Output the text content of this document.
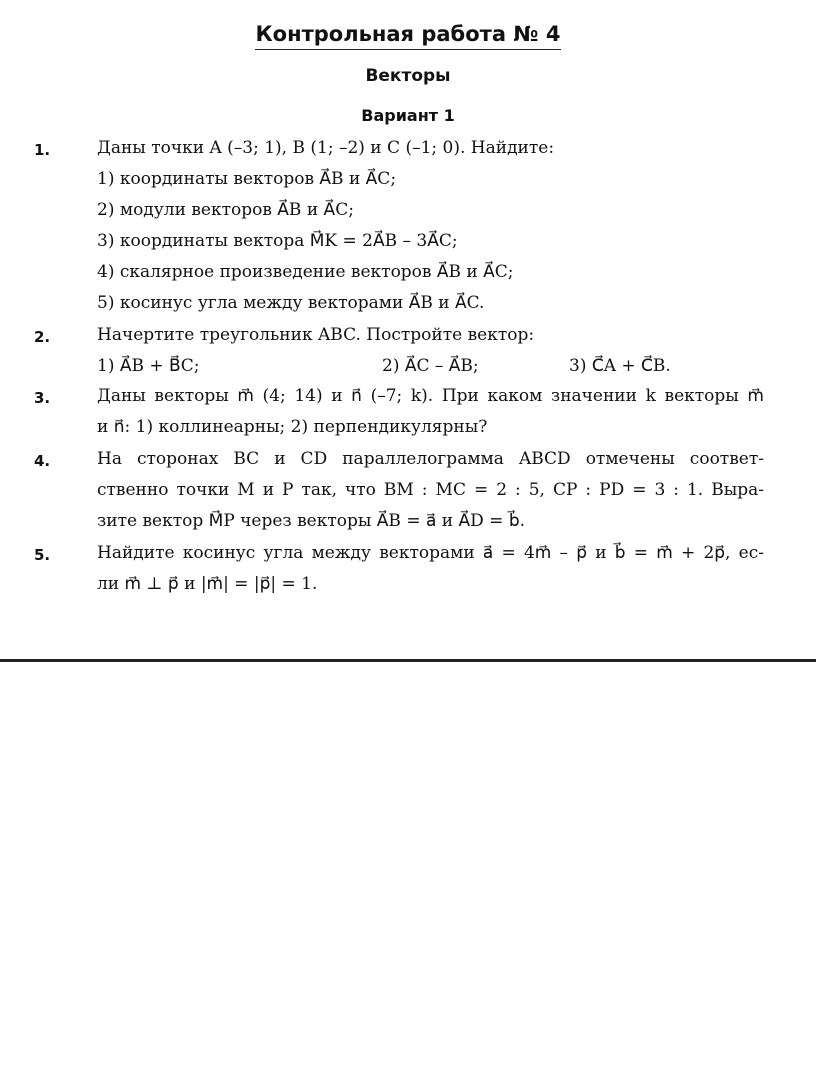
Контрольная работа № 4
Векторы
Вариант 1
1.	Даны точки A (–3; 1), B (1; –2) и C (–1; 0). Найдите:
1) координаты векторов A⃗B и A⃗C;
2) модули векторов A⃗B и A⃗C;
3) координаты вектора M⃗K = 2A⃗B – 3A⃗C;
4) скалярное произведение векторов A⃗B и A⃗C;
5) косинус угла между векторами A⃗B и A⃗C.
2.	Начертите треугольник ABC. Постройте вектор:
1) A⃗B + B⃗C;	2) A⃗C – A⃗B;	3) C⃗A + C⃗B.
3.	Даны векторы m⃗ (4; 14) и n⃗ (–7; k). При каком значении k векторы m⃗
и n⃗: 1) коллинеарны; 2) перпендикулярны?
4.	На сторонах BC и CD параллелограмма ABCD отмечены соответ-
ственно точки M и P так, что BM : MC = 2 : 5, CP : PD = 3 : 1. Выра-
зите вектор M⃗P через векторы A⃗B = a⃗ и A⃗D = b⃗.
5.	Найдите косинус угла между векторами a⃗ = 4m⃗ – p⃗ и b⃗ = m⃗ + 2p⃗, ес-
ли m⃗ ⊥ p⃗ и |m⃗| = |p⃗| = 1.
